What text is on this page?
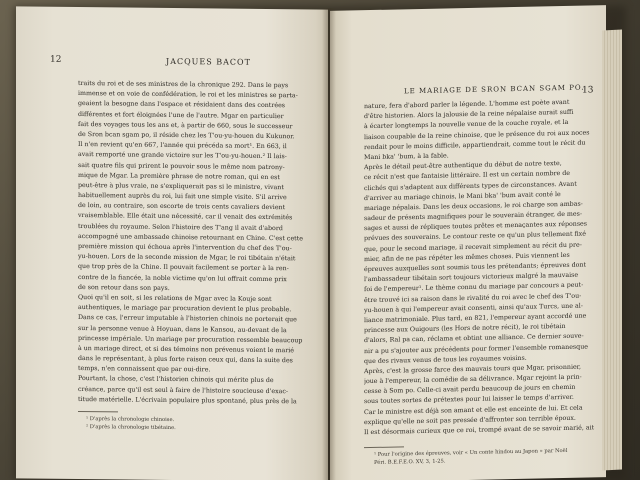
12	JACQUES BACOT
traits du roi et de ses ministres de la chronique 292. Dans le pays
immense et on voie de confédération, le roi et les ministres se parta-
geaient la besogne dans l'espace et résidaient dans des contrées
différentes et fort éloignées l'une de l'autre. Mgar en particulier
fait des voyages tous les ans et, à partir de 660, sous le successeur
de Sron bcan sgam po, il réside chez les T'ou-yu-houen du Kukunor.
Il n'en revient qu'en 667, l'année qui précéda sa mort¹. En 663, il
avait remporté une grande victoire sur les T'ou-yu-houen.² Il lais-
sait quatre fils qui prirent le pouvoir sous le même nom patrony-
mique de Mgar. La première phrase de notre roman, qui en est
peut-être à plus vraie, ne s'expliquerait pas si le ministre, vivant
habituellement auprès du roi, lui fait une simple visite. S'il arrive
de loin, au contraire, son escorte de trois cents cavaliers devient
vraisemblable. Elle était une nécessité, car il venait des extrémités
troublées du royaume. Selon l'histoire des T'ang il avait d'abord
accompagné une ambassade chinoise retournant en Chine. C'est cette
première mission qui échoua après l'intervention du chef des T'ou-
yu-houen. Lors de la seconde mission de Mgar, le roi tibétain n'était
que trop près de la Chine. Il pouvait facilement se porter à la ren-
contre de la fiancée, la noble victime qu'on lui offrait comme prix
de son retour dans son pays.
Quoi qu'il en soit, si les relations de Mgar avec la Kouje sont
authentiques, le mariage par procuration devient le plus probable.
Dans ce cas, l'erreur imputable à l'historien chinois ne porterait que
sur la personne venue à Hoyuan, dans le Kansou, au-devant de la
princesse impériale. Un mariage par procuration ressemble beaucoup
à un mariage direct, et si des témoins non prévenus voient le marié
dans le représentant, à plus forte raison ceux qui, dans la suite des
temps, n'en connaissent que par oui-dire.
Pourtant, la chose, c'est l'historien chinois qui mérite plus de
créance, parce qu'il est seul à faire de l'histoire soucieuse d'exac-
titude matérielle. L'écrivain populaire plus spontané, plus près de la
¹ D'après la chronologie chinoise.
² D'après la chronologie tibétaine.
LE MARIAGE DE SRON BCAN SGAM PO.
13
nature, fera d'abord parler la légende. L'homme est poète avant
d'être historien. Alors la jalousie de la reine népalaise aurait suffi
à écarter longtemps la nouvelle venue de la couche royale, et la
liaison coupable de la reine chinoise, que le présence du roi aux noces
rendait pour le moins difficile, appartiendrait, comme tout le récit du
Mani bka' 'bum, à la fable.
Après le détail peut-être authentique du début de notre texte,
ce récit n'est que fantaisie littéraire. Il est un certain nombre de
clichés qui s'adaptent aux différents types de circonstances. Avant
d'arriver au mariage chinois, le Mani bka' 'bum avait conté le
mariage népalais. Dans les deux occasions, le roi charge son ambas-
sadeur de présents magnifiques pour le souverain étranger, de mes-
sages et aussi de répliques toutes prêtes et menaçantes aux réponses
prévues des souverains. Le contour reste ce qu'un plus tellement fixé
que, pour le second mariage, il recevait simplement au récit du pre-
mier, afin de ne pas répéter les mêmes choses. Puis viennent les
épreuves auxquelles sont soumis tous les prétendants; épreuves dont
l'ambassadeur tibétain sort toujours victorieux malgré la mauvaise
foi de l'empereur¹. Le thème connu du mariage par concours a peut-
être trouvé ici sa raison dans le rivalité du roi avec le chef des T'ou-
yu-houen à qui l'empereur avait consenti, ainsi qu'aux Turcs, une al-
liance matrimoniale. Plus tard, en 821, l'empereur ayant accordé une
princesse aux Ouigours (les Hors de notre récit), le roi tibétain
d'alors, Ral pa can, réclama et obtint une alliance. Ce dernier souve-
nir a pu s'ajouter aux précédents pour former l'ensemble romanesque
que des rivaux venus de tous les royaumes voisins.
Après, c'est la grosse farce des mauvais tours que Mgar, prisonnier,
joue à l'empereur, la comédie de sa délivrance. Mgar rejoint la prin-
cesse à Som po. Celle-ci avait perdu beaucoup de jours en chemin
sous toutes sortes de prétextes pour lui laisser le temps d'arriver.
Car le ministre est déjà son amant et elle est enceinte de lui. Et cela
explique qu'elle ne soit pas pressée d'affronter son terrible époux.
Il est désormais curieux que ce roi, trompé avant de se savoir marié, ait
¹ Pour l'origine des épreuves, voir « Un conte hindou au Japon » par Noël
Péri. B.E.F.E.O. XV, 3, 1-25.
